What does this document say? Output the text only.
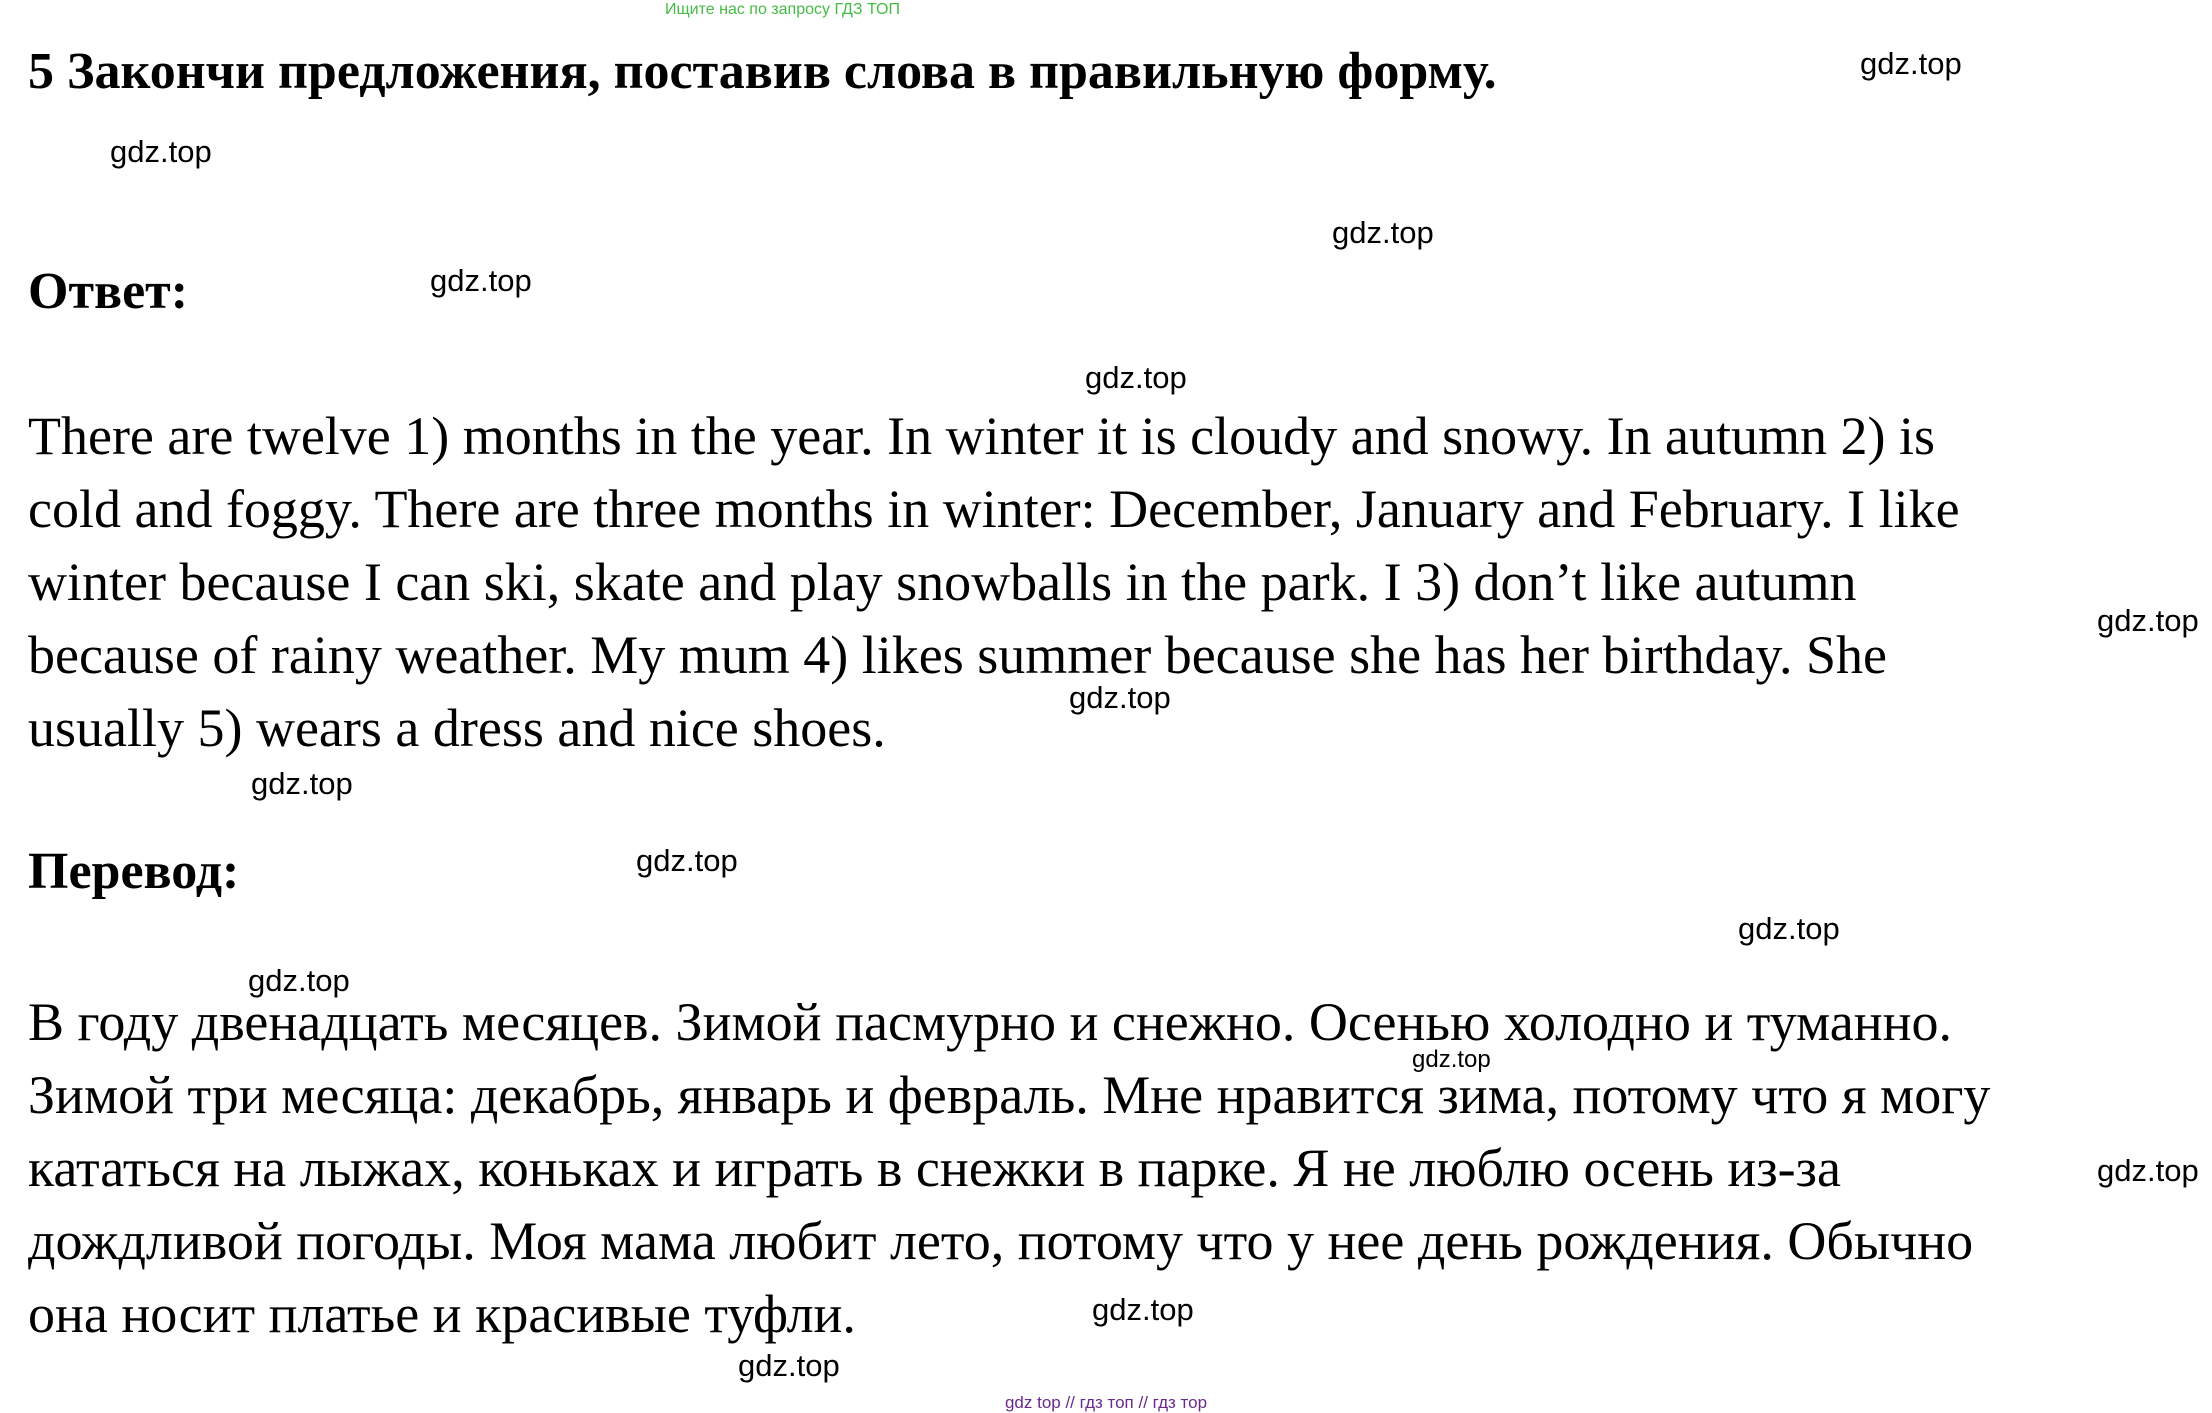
Ищите нас по запросу ГДЗ ТОП
5 Закончи предложения, поставив слова в правильную форму.
Ответ:

There are twelve 1) months in the year. In winter it is cloudy and snowy. In autumn 2) is
cold and foggy. There are three months in winter: December, January and February. I like
winter because I can ski, skate and play snowballs in the park. I 3) don’t like autumn
because of rainy weather. My mum 4) likes summer because she has her birthday. She
usually 5) wears a dress and nice shoes.

Перевод:

В году двенадцать месяцев. Зимой пасмурно и снежно. Осенью холодно и туманно.
Зимой три месяца: декабрь, январь и февраль. Мне нравится зима, потому что я могу
кататься на лыжах, коньках и играть в снежки в парке. Я не люблю осень из-за
дождливой погоды. Моя мама любит лето, потому что у нее день рождения. Обычно
она носит платье и красивые туфли.

gdz.top
gdz.top
gdz.top
gdz.top
gdz.top
gdz.top
gdz.top
gdz.top
gdz.top
gdz.top
gdz.top
gdz.top
gdz.top
gdz.top
gdz.top
gdz top // гдз топ // гдз тор
